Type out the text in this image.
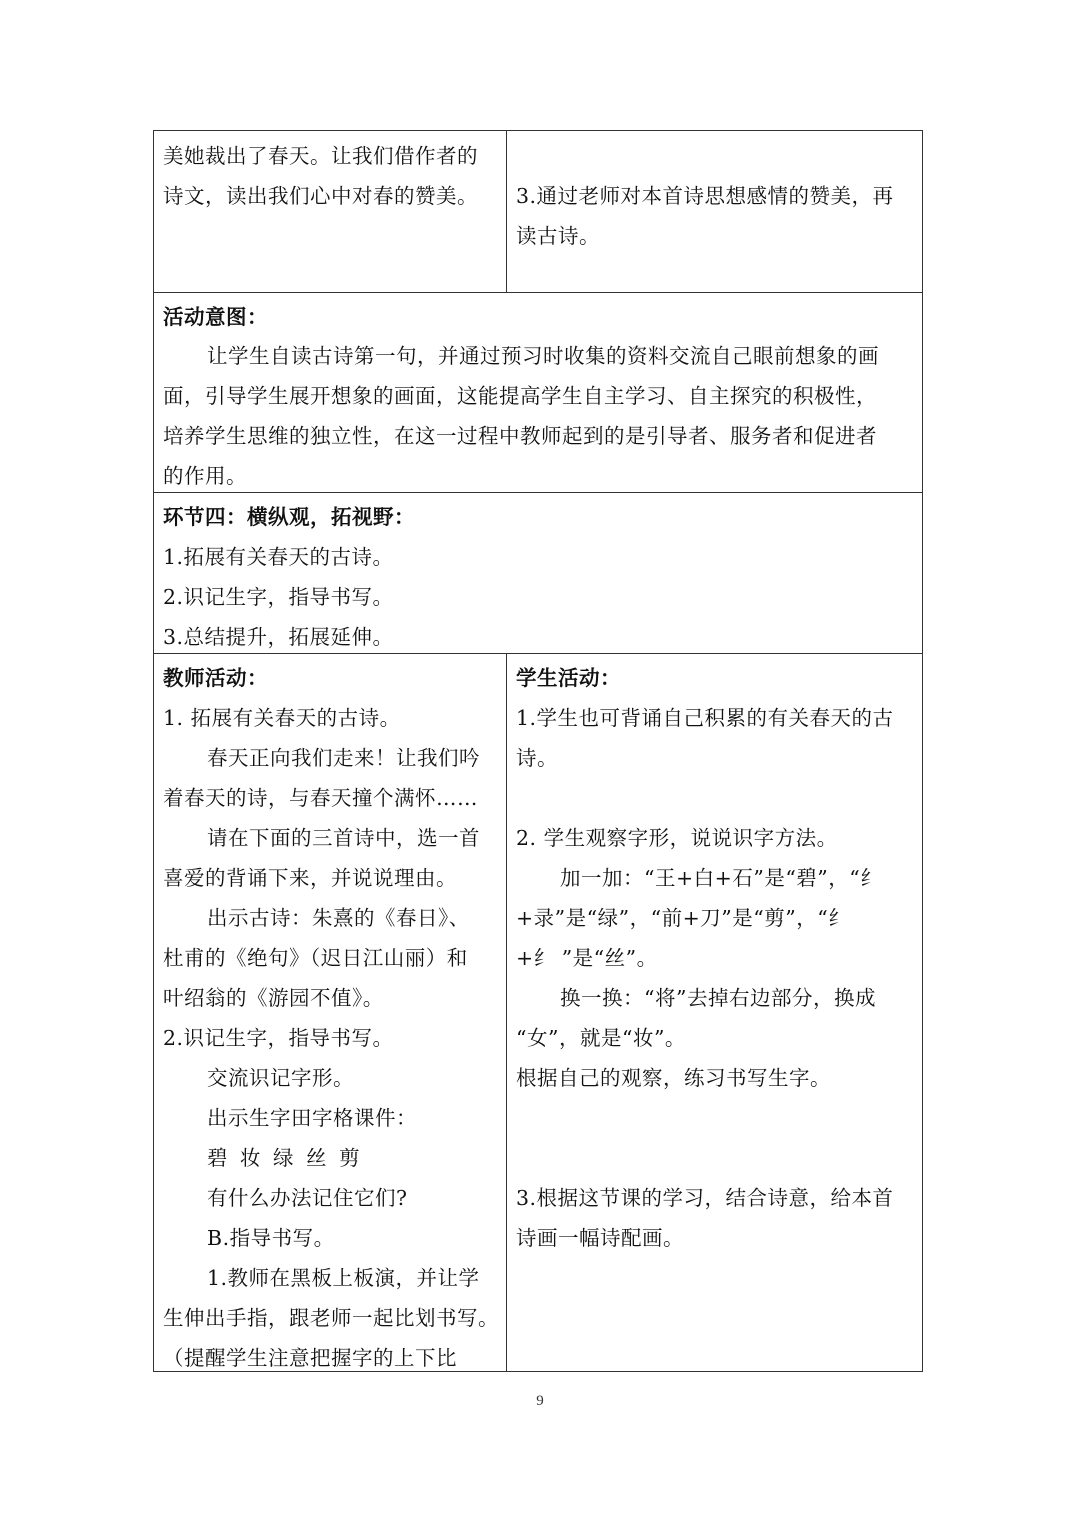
美她裁出了春天。让我们借作者的
诗文，读出我们心中对春的赞美。 3.通过老师对本首诗思想感情的赞美，再
读古诗。
活动意图：
让学生自读古诗第一句，并通过预习时收集的资料交流自己眼前想象的画
面，引导学生展开想象的画面，这能提高学生自主学习、自主探究的积极性，
培养学生思维的独立性，在这一过程中教师起到的是引导者、服务者和促进者
的作用。
环节四：横纵观，拓视野：
1.拓展有关春天的古诗。
2.识记生字，指导书写。
3.总结提升，拓展延伸。
教师活动：
1. 拓展有关春天的古诗。
春天正向我们走来！让我们吟
着春天的诗，与春天撞个满怀……
请在下面的三首诗中，选一首
喜爱的背诵下来，并说说理由。
出示古诗：朱熹的《春日》、
杜甫的《绝句》（迟日江山丽）和
叶绍翁的《游园不值》。
2.识记生字，指导书写。
交流识记字形。
出示生字田字格课件：
碧 妆 绿 丝 剪
有什么办法记住它们?
B.指导书写。
1.教师在黑板上板演，并让学
生伸出手指，跟老师一起比划书写。
（提醒学生注意把握字的上下比
学生活动：
1.学生也可背诵自己积累的有关春天的古
诗。
2. 学生观察字形，说说识字方法。
加一加：“王+白+石”是“碧”，“纟
+录”是“绿”，“前+刀”是“剪”，“纟
+纟 ”是“丝”。
换一换：“将”去掉右边部分，换成
“女”，就是“妆”。
根据自己的观察，练习书写生字。
3.根据这节课的学习，结合诗意，给本首
诗画一幅诗配画。
9
